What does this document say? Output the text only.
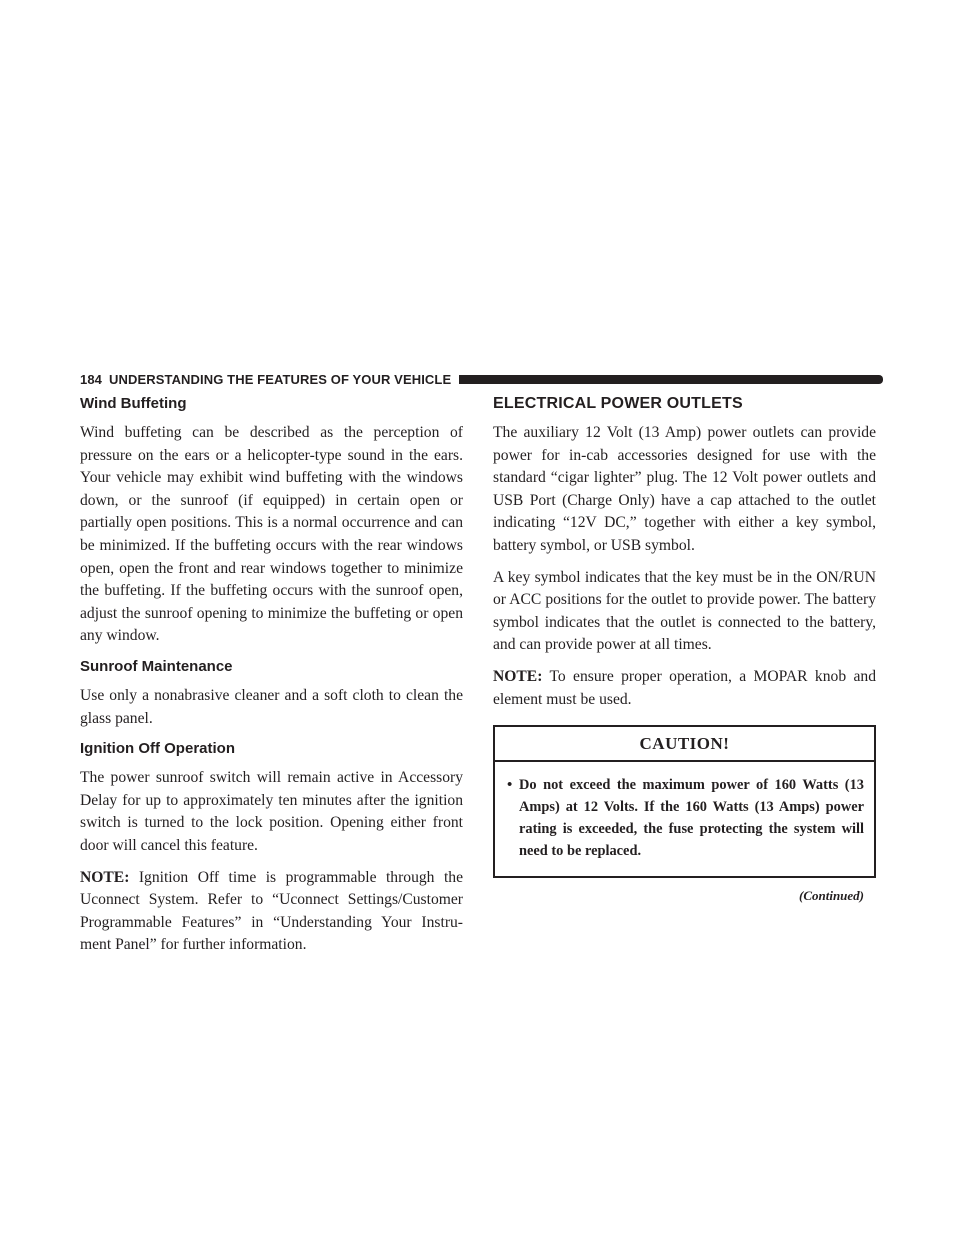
184 UNDERSTANDING THE FEATURES OF YOUR VEHICLE
Wind Buffeting

Wind buffeting can be described as the perception of pressure on the ears or a helicopter-type sound in the ears. Your vehicle may exhibit wind buffeting with the windows down, or the sunroof (if equipped) in certain open or partially open positions. This is a normal occurrence and can be minimized. If the buffeting occurs with the rear windows open, open the front and rear windows together to minimize the buffeting. If the buffeting occurs with the sunroof open, adjust the sunroof opening to minimize the buffeting or open any window.

Sunroof Maintenance

Use only a nonabrasive cleaner and a soft cloth to clean the glass panel.

Ignition Off Operation

The power sunroof switch will remain active in Accessory Delay for up to approximately ten minutes after the ignition switch is turned to the lock position. Opening either front door will cancel this feature.

NOTE: Ignition Off time is programmable through the Uconnect System. Refer to “Uconnect Settings/Customer Programmable Features” in “Understanding Your Instru-ment Panel” for further information.

ELECTRICAL POWER OUTLETS

The auxiliary 12 Volt (13 Amp) power outlets can provide power for in-cab accessories designed for use with the standard “cigar lighter” plug. The 12 Volt power outlets and USB Port (Charge Only) have a cap attached to the outlet indicating “12V DC,” together with either a key symbol, battery symbol, or USB symbol.

A key symbol indicates that the key must be in the ON/RUN or ACC positions for the outlet to provide power. The battery symbol indicates that the outlet is connected to the battery, and can provide power at all times.

NOTE: To ensure proper operation, a MOPAR knob and element must be used.

CAUTION!
• Do not exceed the maximum power of 160 Watts (13 Amps) at 12 Volts. If the 160 Watts (13 Amps) power rating is exceeded, the fuse protecting the system will need to be replaced.
(Continued)
